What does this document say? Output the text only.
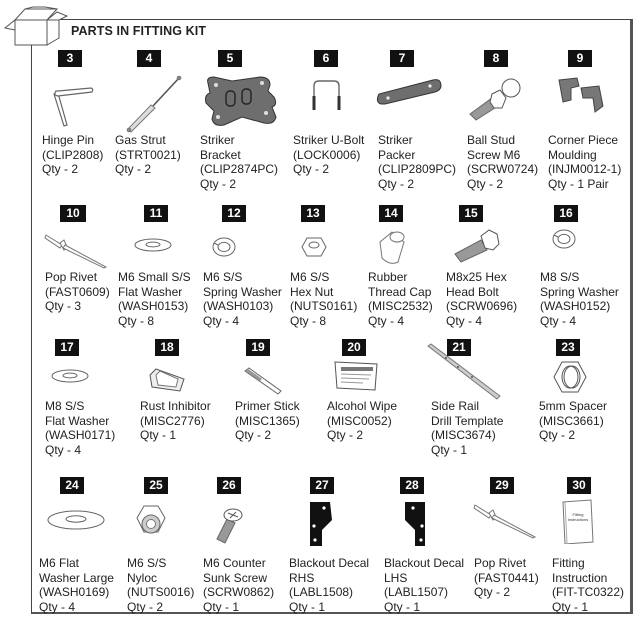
PARTS IN FITTING KIT
3
Hinge Pin
(CLIP2808)
Qty - 2
4
Gas Strut
(STRT0021)
Qty - 2
5
Striker
Bracket
(CLIP2874PC)
Qty - 2
6
Striker U-Bolt
(LOCK0006)
Qty - 2
7
Striker
Packer
(CLIP2809PC)
Qty - 2
8
Ball Stud
Screw M6
(SCRW0724)
Qty - 2
9
Corner Piece
Moulding
(INJM0012-1)
Qty - 1 Pair
10
Pop Rivet
(FAST0609)
Qty - 3
11
M6 Small S/S
Flat Washer
(WASH0153)
Qty - 8
12
M6 S/S
Spring Washer
(WASH0103)
Qty - 4
13
M6 S/S
Hex Nut
(NUTS0161)
Qty - 8
14
Rubber
Thread Cap
(MISC2532)
Qty - 4
15
M8x25 Hex
Head Bolt
(SCRW0696)
Qty - 4
16
M8 S/S
Spring Washer
(WASH0152)
Qty - 4
17
M8 S/S
Flat Washer
(WASH0171)
Qty - 4
18
Rust Inhibitor
(MISC2776)
Qty - 1
19
Primer Stick
(MISC1365)
Qty - 2
20
Alcohol Wipe
(MISC0052)
Qty - 2
21
Side Rail
Drill Template
(MISC3674)
Qty - 1
23
5mm Spacer
(MISC3661)
Qty - 2
24
M6 Flat
Washer Large
(WASH0169)
Qty - 4
25
M6 S/S
Nyloc
(NUTS0016)
Qty - 2
26
M6 Counter
Sunk Screw
(SCRW0862)
Qty - 1
27
Blackout Decal
RHS
(LABL1508)
Qty - 1
28
Blackout Decal
LHS
(LABL1507)
Qty - 1
29
Pop Rivet
(FAST0441)
Qty - 2
30
Fitting
Instructions
Fitting
Instruction
(FIT-TC0322)
Qty - 1
